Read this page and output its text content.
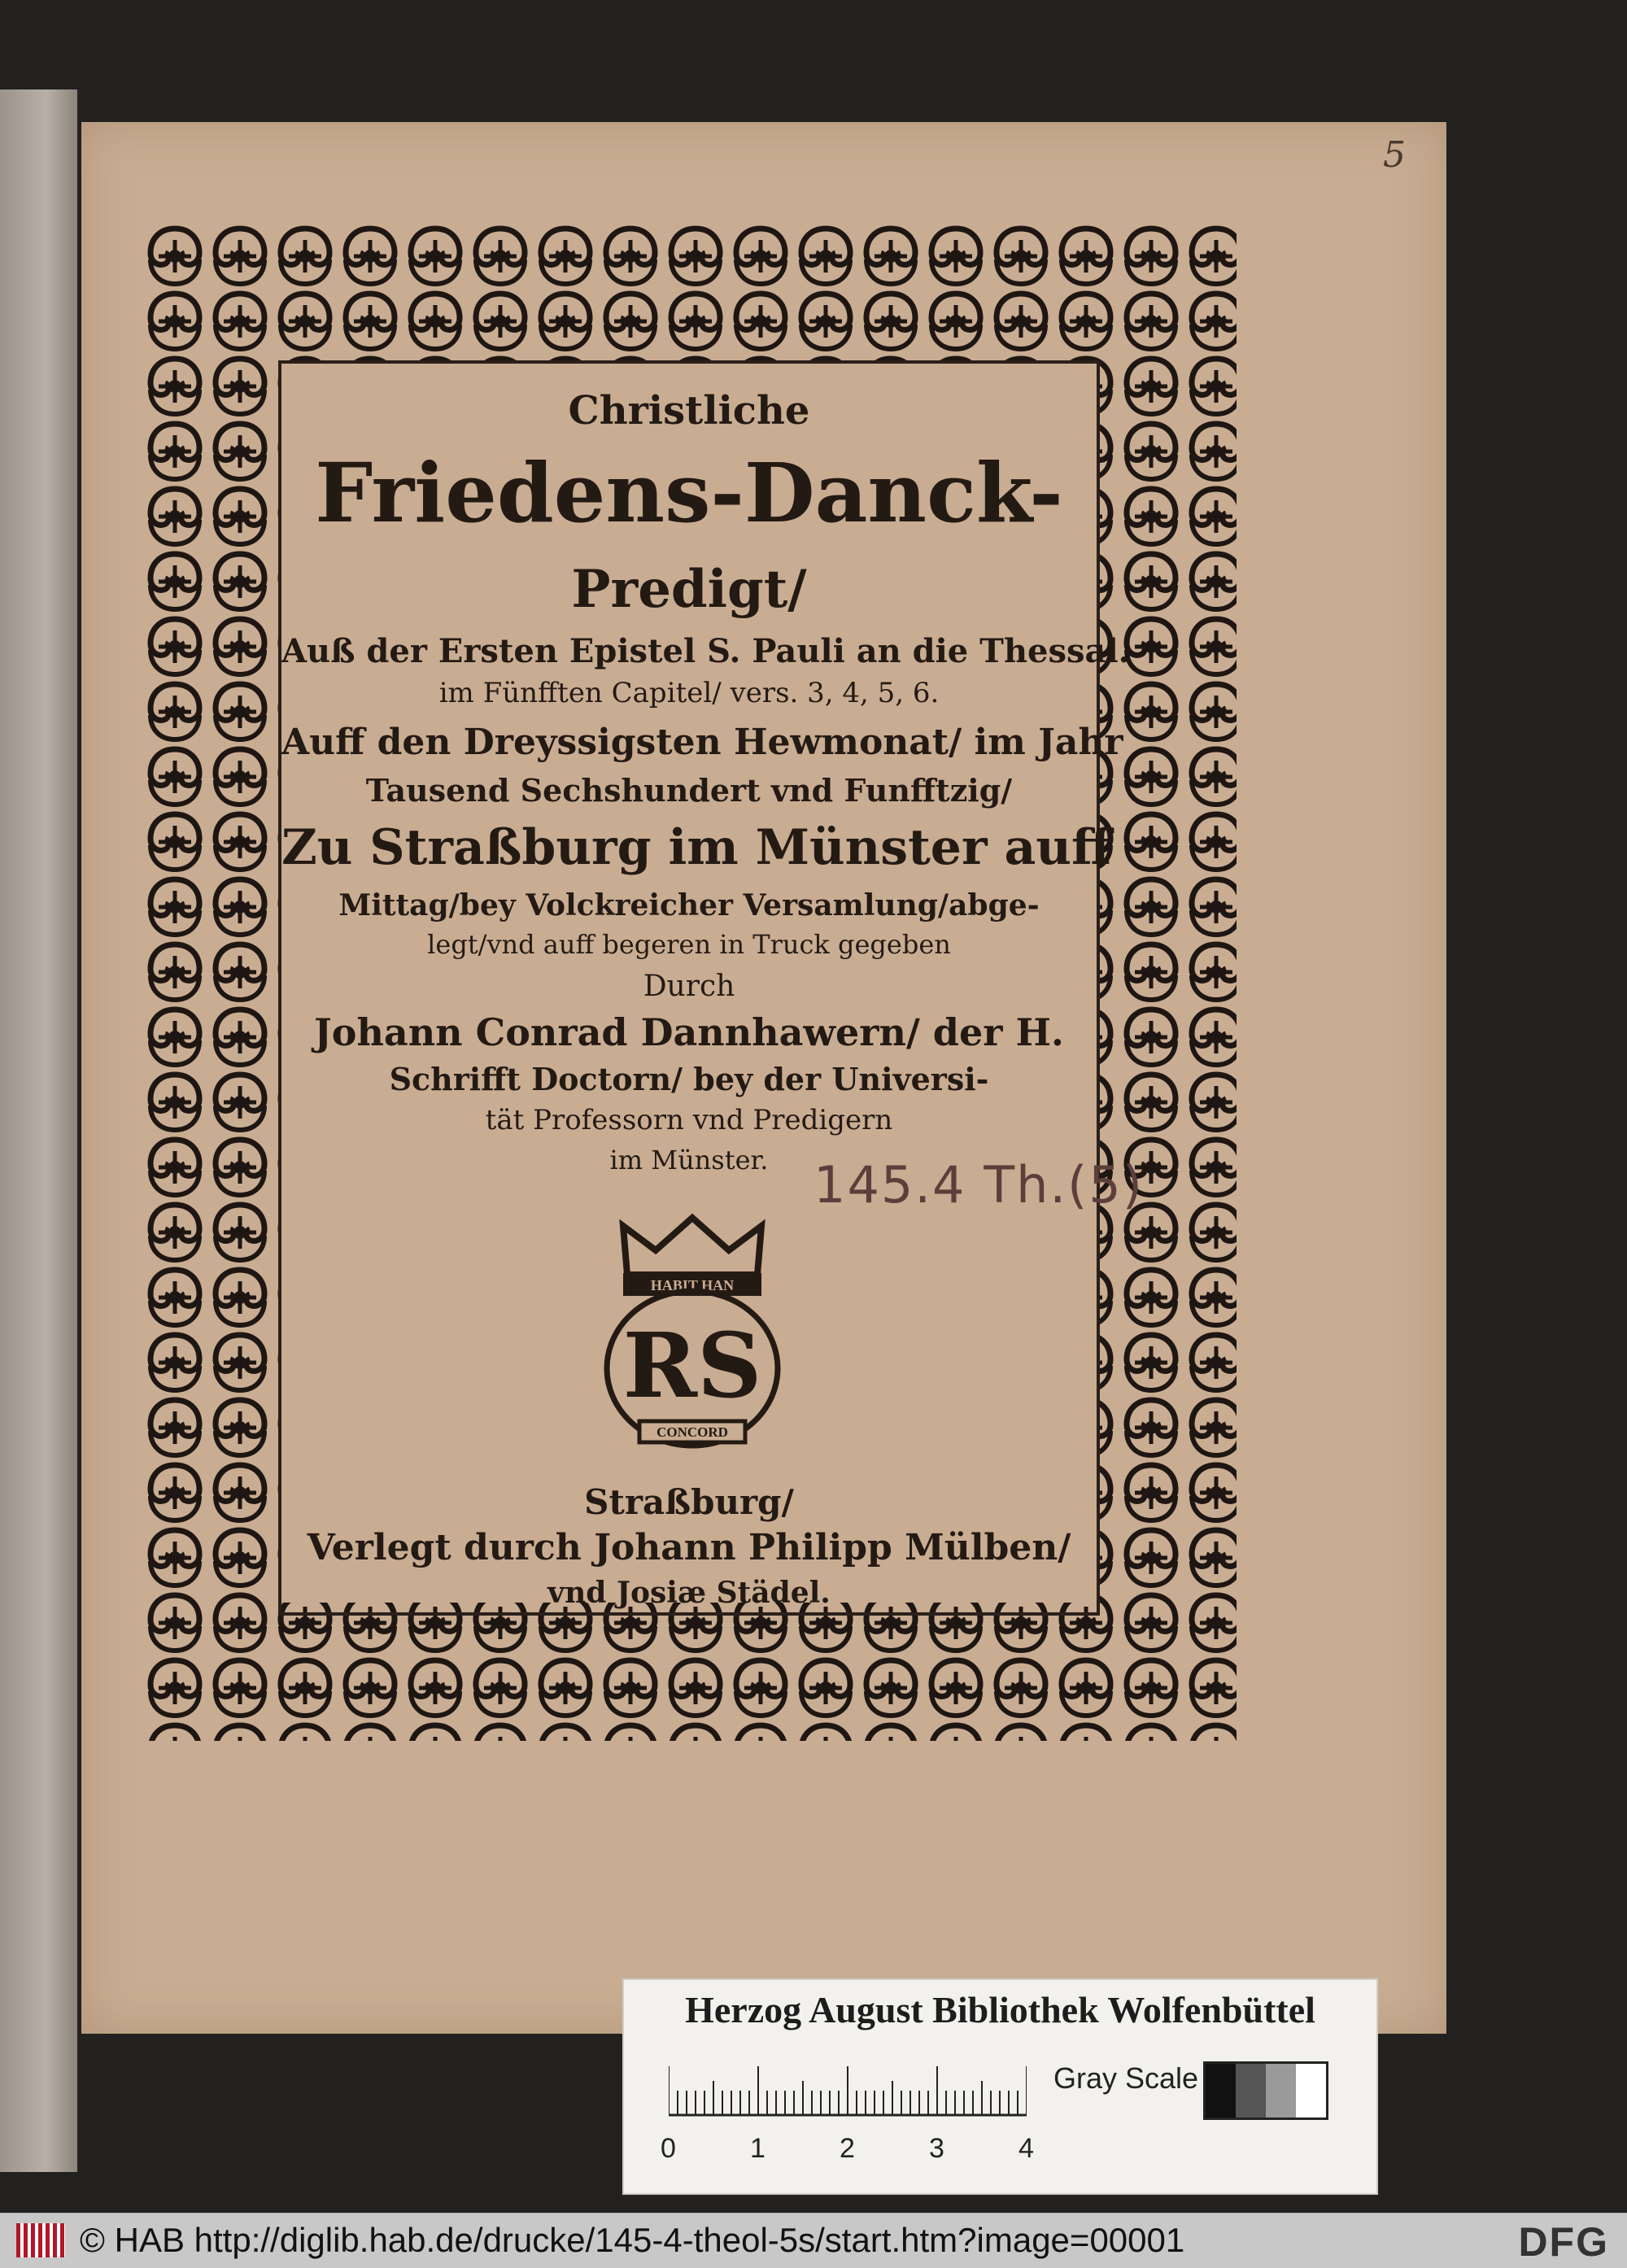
5
Christliche
Friedens-Danck-
Predigt/
Auß der Ersten Epistel S. Pauli an die Thessal.
im Fünfften Capitel/ vers. 3, 4, 5, 6.
Auff den Dreyssigsten Hewmonat/ im Jahr
Tausend Sechshundert vnd Funfftzig/
Zu Straßburg im Münster auff
Mittag/bey Volckreicher Versamlung/abge-
legt/vnd auff begeren in Truck gegeben
Durch
Johann Conrad Dannhawern/ der H.
Schrifft Doctorn/ bey der Universi-
tät Professorn vnd Predigern
im Münster.
HABIT HAN
RS
CONCORD
Straßburg/
Verlegt durch Johann Philipp Mülben/
vnd Josiæ Städel.
145.4 Th.(5)
Herzog August Bibliothek Wolfenbüttel
0	1	2	3	4
Gray Scale
© HAB http://diglib.hab.de/drucke/145-4-theol-5s/start.htm?image=00001	DFG
